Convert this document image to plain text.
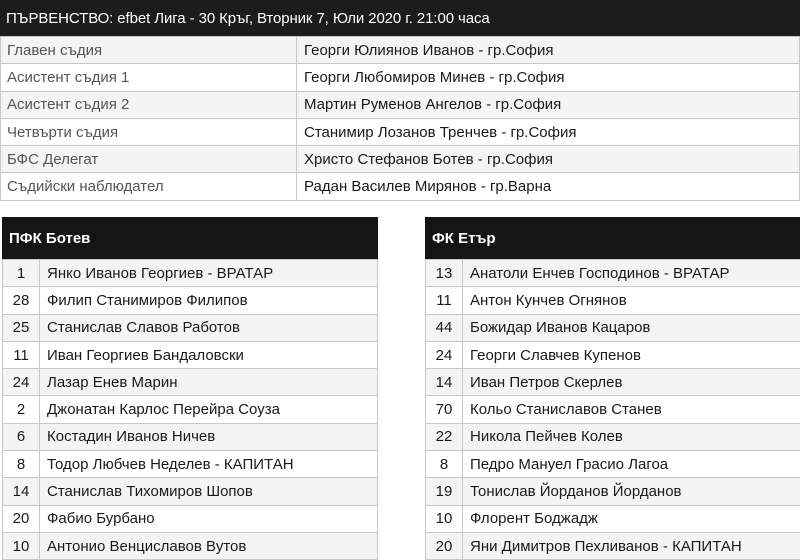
ПЪРВЕНСТВО: efbet Лига - 30 Кръг, Вторник 7, Юли 2020 г. 21:00 часа
Главен съдия	Георги Юлиянов Иванов - гр.София
Асистент съдия 1	Георги Любомиров Минев - гр.София
Асистент съдия 2	Мартин Руменов Ангелов - гр.София
Четвърти съдия	Станимир Лозанов Тренчев - гр.София
БФС Делегат	Христо Стефанов Ботев - гр.София
Съдийски наблюдател	Радан Василев Мирянов - гр.Варна
ПФК Ботев
1	Янко Иванов Георгиев - ВРАТАР
28	Филип Станимиров Филипов
25	Станислав Славов Работов
11	Иван Георгиев Бандаловски
24	Лазар Енев Марин
2	Джонатан Карлос Перейра Соуза
6	Костадин Иванов Ничев
8	Тодор Любчев Неделев - КАПИТАН
14	Станислав Тихомиров Шопов
20	Фабио Бурбано
10	Антонио Венциславов Вутов
ФК Етър
13	Анатоли Енчев Господинов - ВРАТАР
11	Антон Кунчев Огнянов
44	Божидар Иванов Кацаров
24	Георги Славчев Купенов
14	Иван Петров Скерлев
70	Кольо Станиславов Станев
22	Никола Пейчев Колев
8	Педро Мануел Грасио Лагоа
19	Тонислав Йорданов Йорданов
10	Флорент Боджадж
20	Яни Димитров Пехливанов - КАПИТАН
